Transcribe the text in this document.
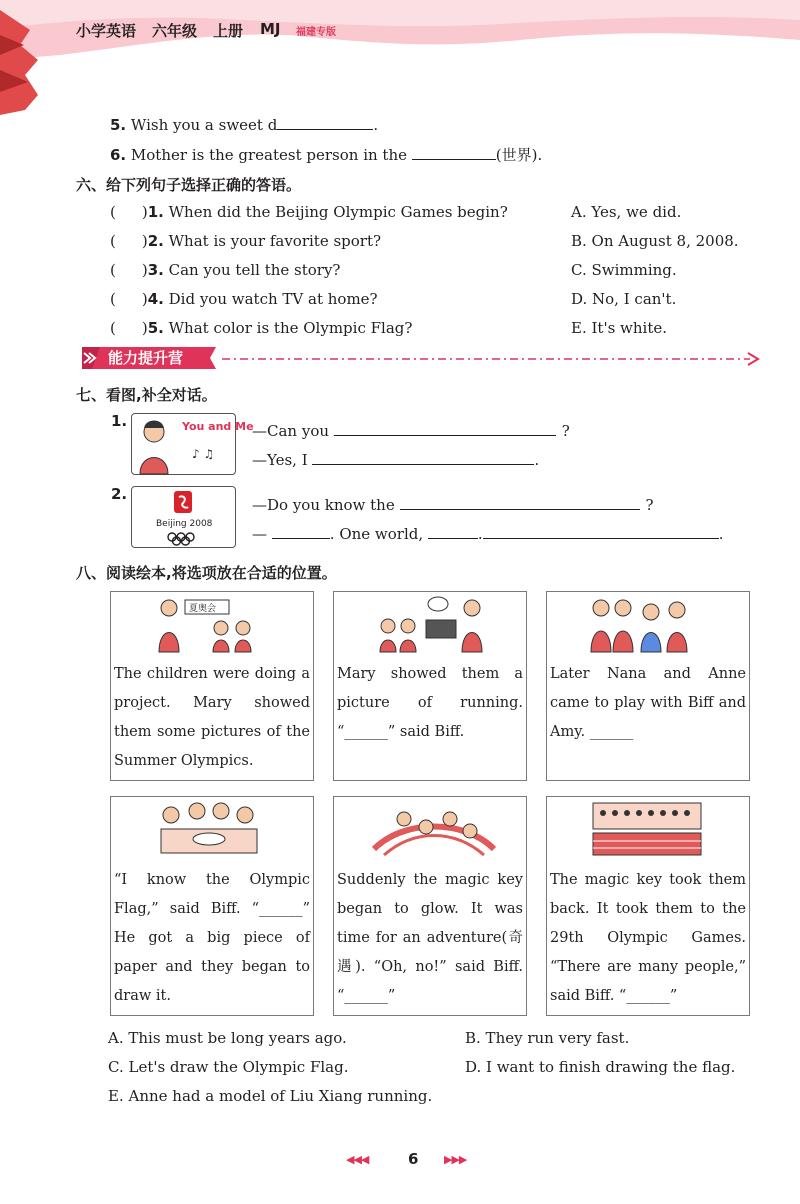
小学英语 六年级 上册 MJ 福建专版
5. Wish you a sweet d	.
6. Mother is the greatest person in the	(世界).
六、给下列句子选择正确的答语。
( )1. When did the Beijing Olympic Games begin?	A. Yes, we did.
( )2. What is your favorite sport?	B. On August 8, 2008.
( )3. Can you tell the story?	C. Swimming.
( )4. Did you watch TV at home?	D. No, I can't.
( )5. What color is the Olympic Flag?	E. It's white.
能力提升营
七、看图,补全对话。
1.	You and Me
♪ ♫
—Can you	?
—Yes, I	.
2.
Beijing 2008
—Do you know the	?
—	. One world,	.	.
八、阅读绘本,将选项放在合适的位置。
夏奥会
The children were doing a project. Mary showed them some pictures of the Summer Olympics.
Mary showed them a picture of running. “______” said Biff.
Later Nana and Anne came to play with Biff and Amy. ______
“I know the Olympic Flag,” said Biff. “______” He got a big piece of paper and they began to draw it.
Suddenly the magic key began to glow. It was time for an adventure(奇遇). “Oh, no!” said Biff. “______”
The magic key took them back. It took them to the 29th Olympic Games. “There are many people,” said Biff. “______”
A. This must be long years ago.	B. They run very fast.
C. Let's draw the Olympic Flag.	D. I want to finish drawing the flag.
E. Anne had a model of Liu Xiang running.
◀◀◀	6 ▶▶▶
